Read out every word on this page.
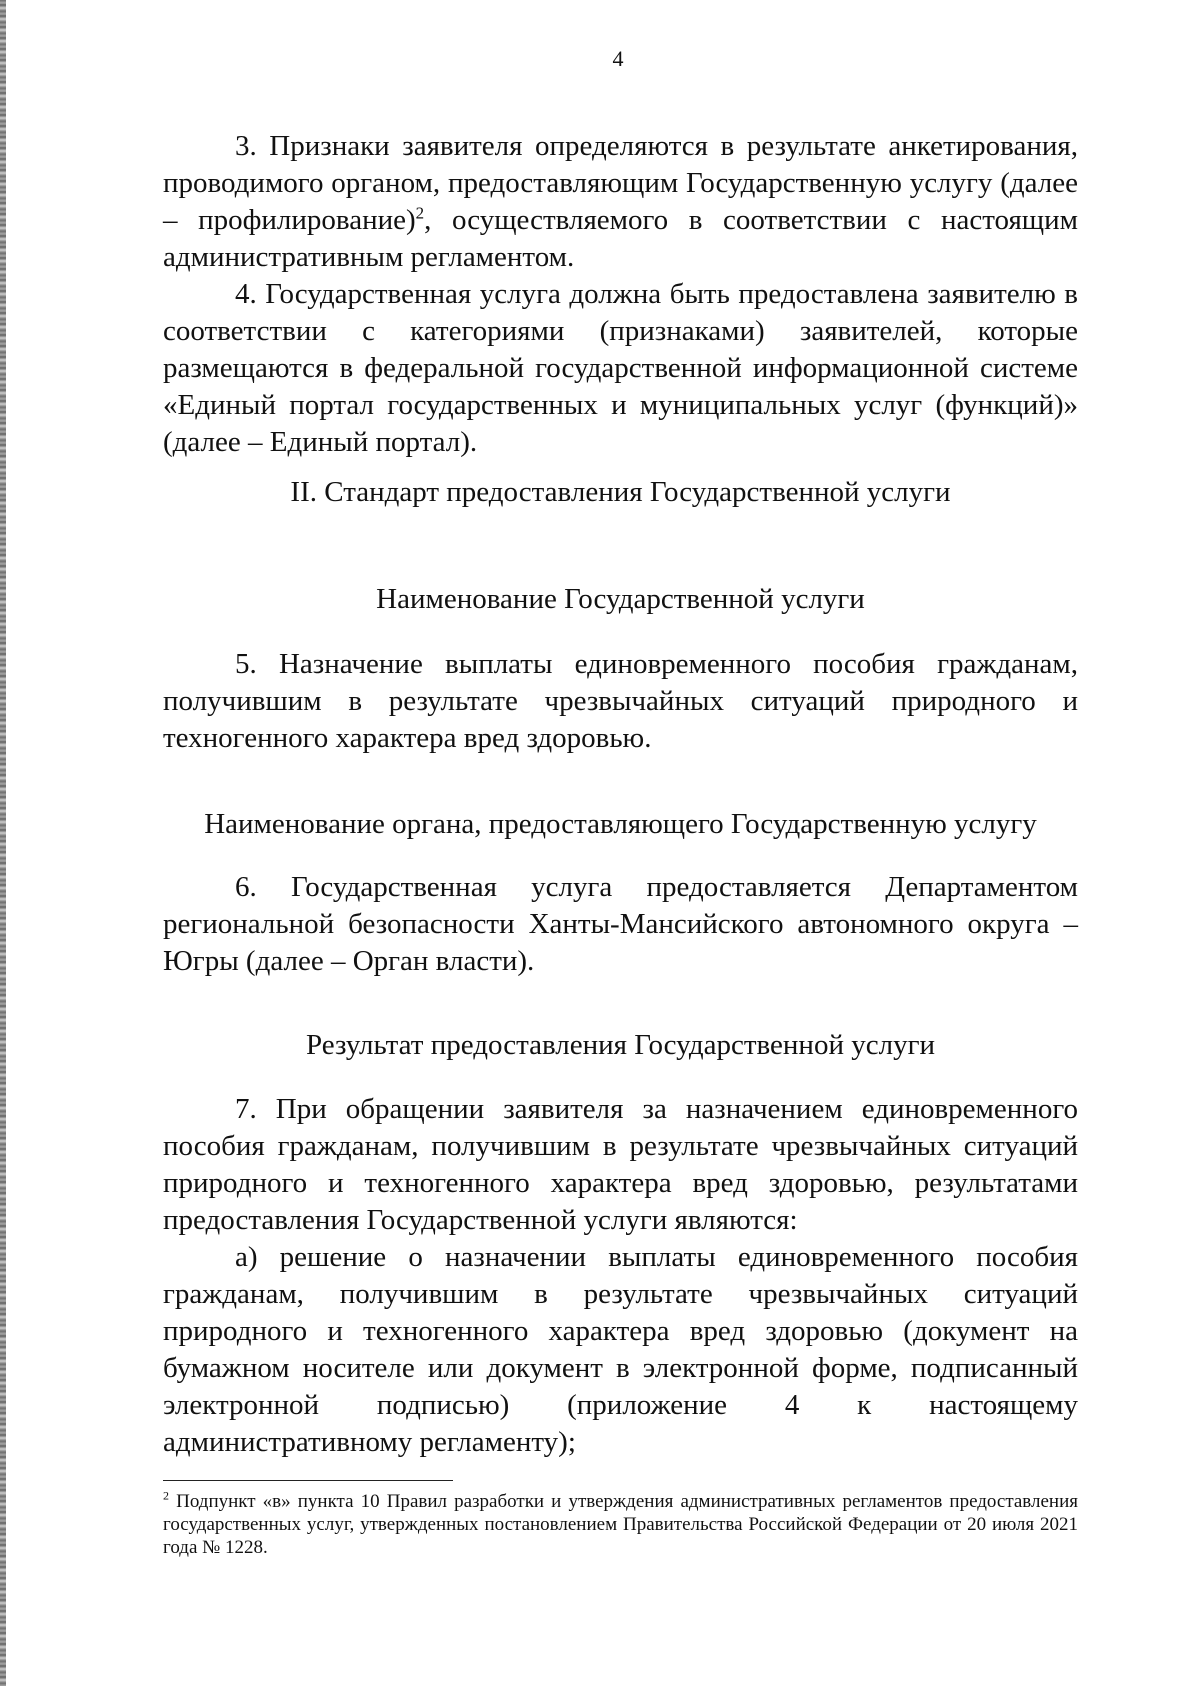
4

3. Признаки заявителя определяются в результате анкетирования, проводимого органом, предоставляющим Государственную услугу (далее – профилирование)$^2$, осуществляемого в соответствии с настоящим административным регламентом.

4. Государственная услуга должна быть предоставлена заявителю в соответствии с категориями (признаками) заявителей, которые размещаются в федеральной государственной информационной системе «Единый портал государственных и муниципальных услуг (функций)» (далее – Единый портал).

II. Стандарт предоставления Государственной услуги

Наименование Государственной услуги

5. Назначение выплаты единовременного пособия гражданам, получившим в результате чрезвычайных ситуаций природного и техногенного характера вред здоровью.

Наименование органа, предоставляющего Государственную услугу

6. Государственная услуга предоставляется Департаментом региональной безопасности Ханты-Мансийского автономного округа – Югры (далее – Орган власти).

Результат предоставления Государственной услуги

7. При обращении заявителя за назначением единовременного пособия гражданам, получившим в результате чрезвычайных ситуаций природного и техногенного характера вред здоровью, результатами предоставления Государственной услуги являются:

а) решение о назначении выплаты единовременного пособия гражданам, получившим в результате чрезвычайных ситуаций природного и техногенного характера вред здоровью (документ на бумажном носителе или документ в электронной форме, подписанный электронной подписью) (приложение 4 к настоящему административному регламенту);

$^2$ Подпункт «в» пункта 10 Правил разработки и утверждения административных регламентов предоставления государственных услуг, утвержденных постановлением Правительства Российской Федерации от 20 июля 2021 года № 1228.
